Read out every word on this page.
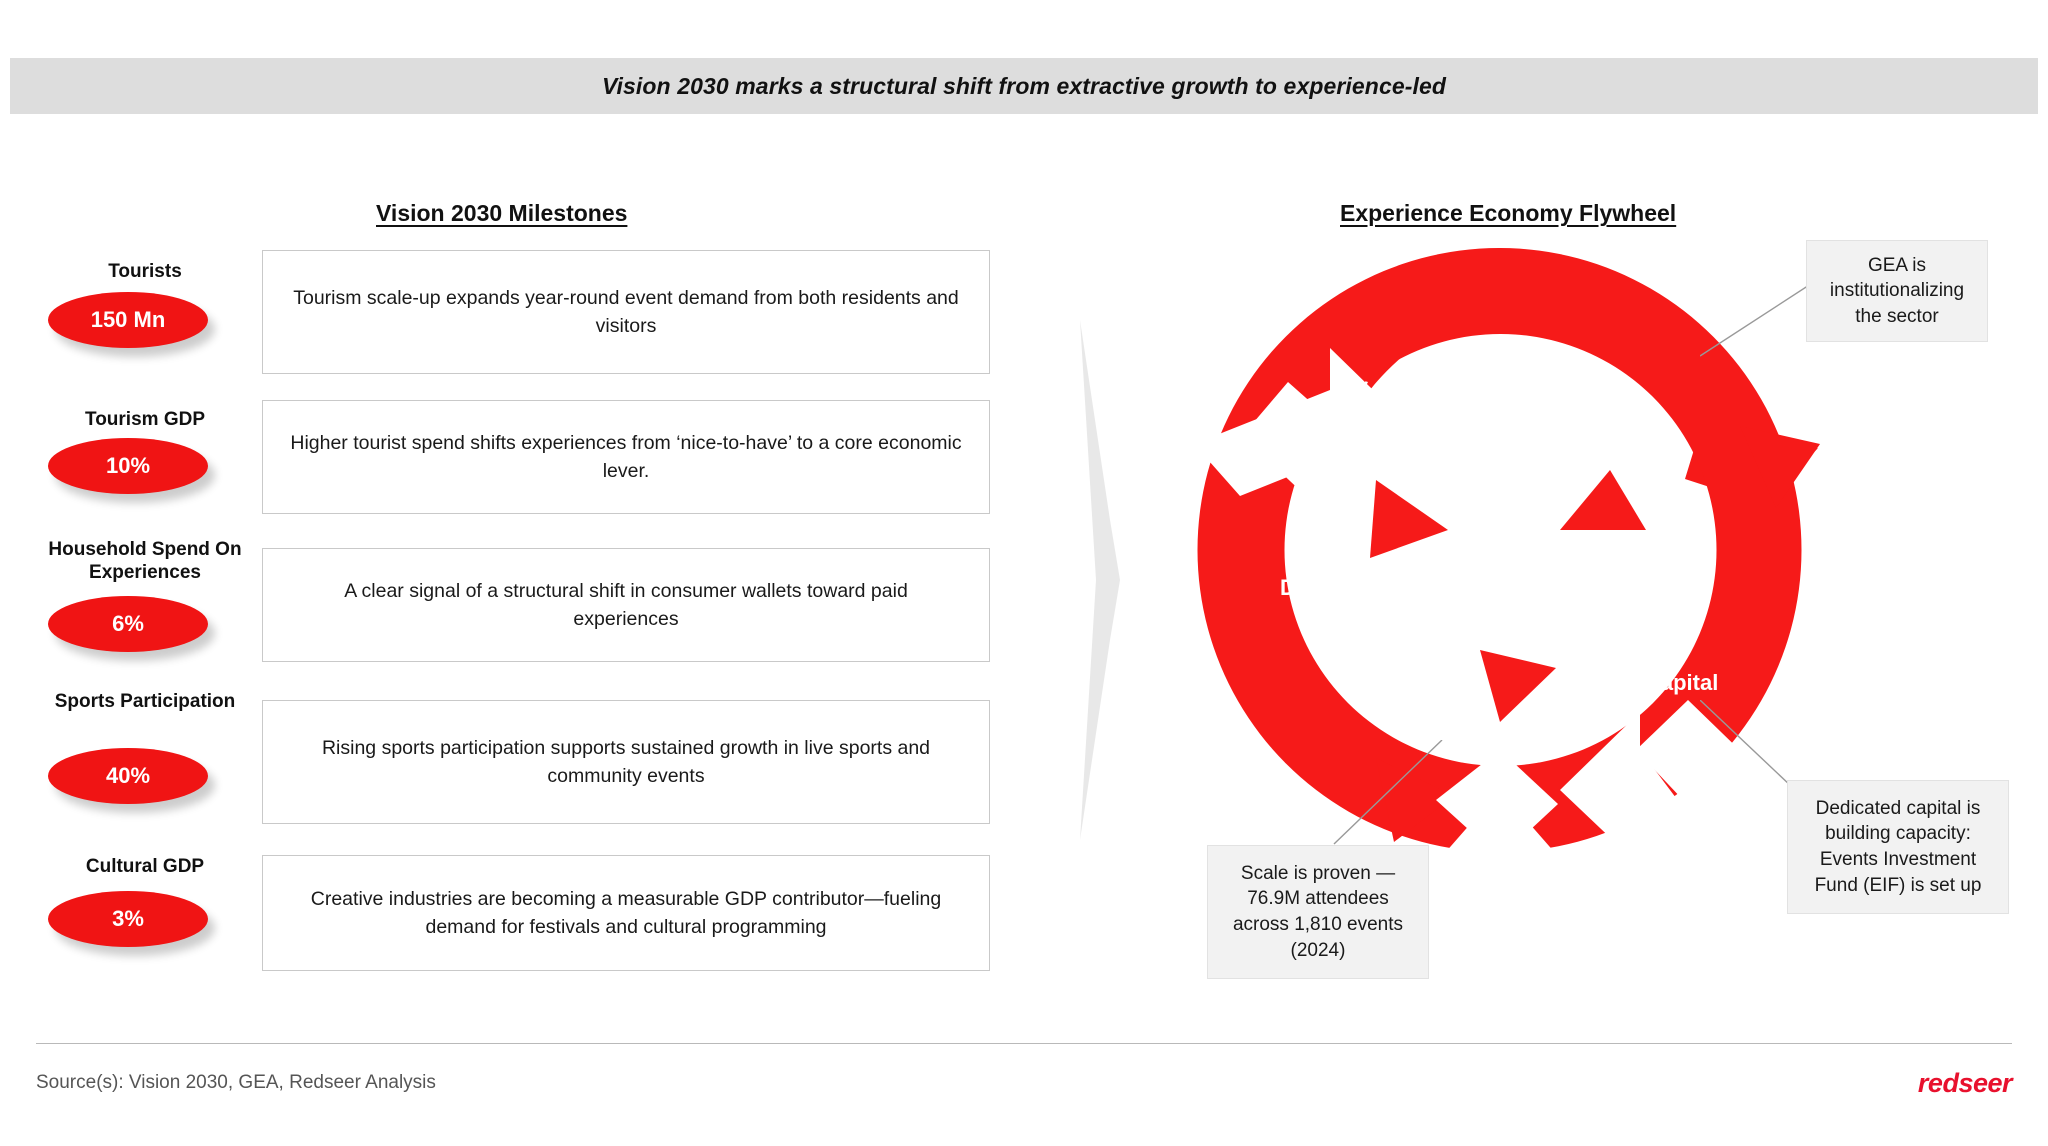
Vision 2030 marks a structural shift from extractive growth to experience-led
Vision 2030 Milestones	Experience Economy Flywheel
Tourists
150 Mn
Tourism scale-up expands year-round event demand from both residents and visitors
Tourism GDP
10%
Higher tourist spend shifts experiences from ‘nice-to-have’ to a core economic lever.
Household Spend On Experiences
6%
A clear signal of a structural shift in consumer wallets toward paid experiences
Sports Participation
40%
Rising sports participation supports sustained growth in live sports and community events
Cultural GDP
3%
Creative industries are becoming a measurable GDP contributor—fueling demand for festivals and cultural programming
Policy
Demand
Capital
GEA is institutionalizing the sector
Dedicated capital is building capacity: Events Investment Fund (EIF) is set up
Scale is proven — 76.9M attendees across 1,810 events (2024)
Source(s): Vision 2030, GEA, Redseer Analysis	redseer
